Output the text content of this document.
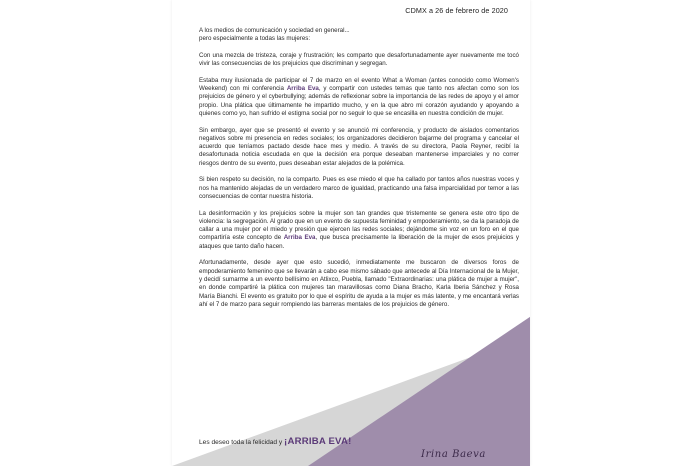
CDMX a 26 de febrero de 2020

A los medios de comunicación y sociedad en general...

pero especialmente a todas las mujeres:

Con una mezcla de tristeza, coraje y frustración; les comparto que desafortunadamente ayer nuevamente me tocó vivir las consecuencias de los prejuicios que discriminan y segregan.

Estaba muy ilusionada de participar el 7 de marzo en el evento What a Woman (antes conocido como Women's Weekend) con mi conferencia Arriba Eva, y compartir con ustedes temas que tanto nos afectan como son los prejuicios de género y el cyberbullying; además de reflexionar sobre la importancia de las redes de apoyo y el amor propio. Una plática que últimamente he impartido mucho, y en la que abro mi corazón ayudando y apoyando a quienes como yo, han sufrido el estigma social por no seguir lo que se encasilla en nuestra condición de mujer.

Sin embargo, ayer que se presentó el evento y se anunció mi conferencia, y producto de aislados comentarios negativos sobre mi presencia en redes sociales; los organizadores decidieron bajarme del programa y cancelar el acuerdo que teníamos pactado desde hace mes y medio. A través de su directora, Paola Reyner, recibí la desafortunada noticia escudada en que la decisión era porque deseaban mantenerse imparciales y no correr riesgos dentro de su evento, pues deseaban estar alejados de la polémica.

Si bien respeto su decisión, no la comparto. Pues es ese miedo el que ha callado por tantos años nuestras voces y nos ha mantenido alejadas de un verdadero marco de igualdad, practicando una falsa imparcialidad por temor a las consecuencias de contar nuestra historia.

La desinformación y los prejuicios sobre la mujer son tan grandes que tristemente se genera este otro tipo de violencia: la segregación. Al grado que en un evento de supuesta feminidad y empoderamiento, se da la paradoja de callar a una mujer por el miedo y presión que ejercen las redes sociales; dejándome sin voz en un foro en el que compartiría este concepto de Arriba Eva, que busca precisamente la liberación de la mujer de esos prejuicios y ataques que tanto daño hacen.

Afortunadamente, desde ayer que esto sucedió, inmediatamente me buscaron de diversos foros de empoderamiento femenino que se llevarán a cabo ese mismo sábado que antecede al Día Internacional de la Mujer, y decidí sumarme a un evento bellísimo en Atlixco, Puebla, llamado "Extraordinarias: una plática de mujer a mujer", en donde compartiré la plática con mujeres tan maravillosas como Diana Bracho, Karla Iberia Sánchez y Rosa María Bianchi. El evento es gratuito por lo que el espíritu de ayuda a la mujer es más latente, y me encantará verlas ahí el 7 de marzo para seguir rompiendo las barreras mentales de los prejuicios de género.

Les deseo toda la felicidad y ¡ARRIBA EVA!
Irina Baeva
